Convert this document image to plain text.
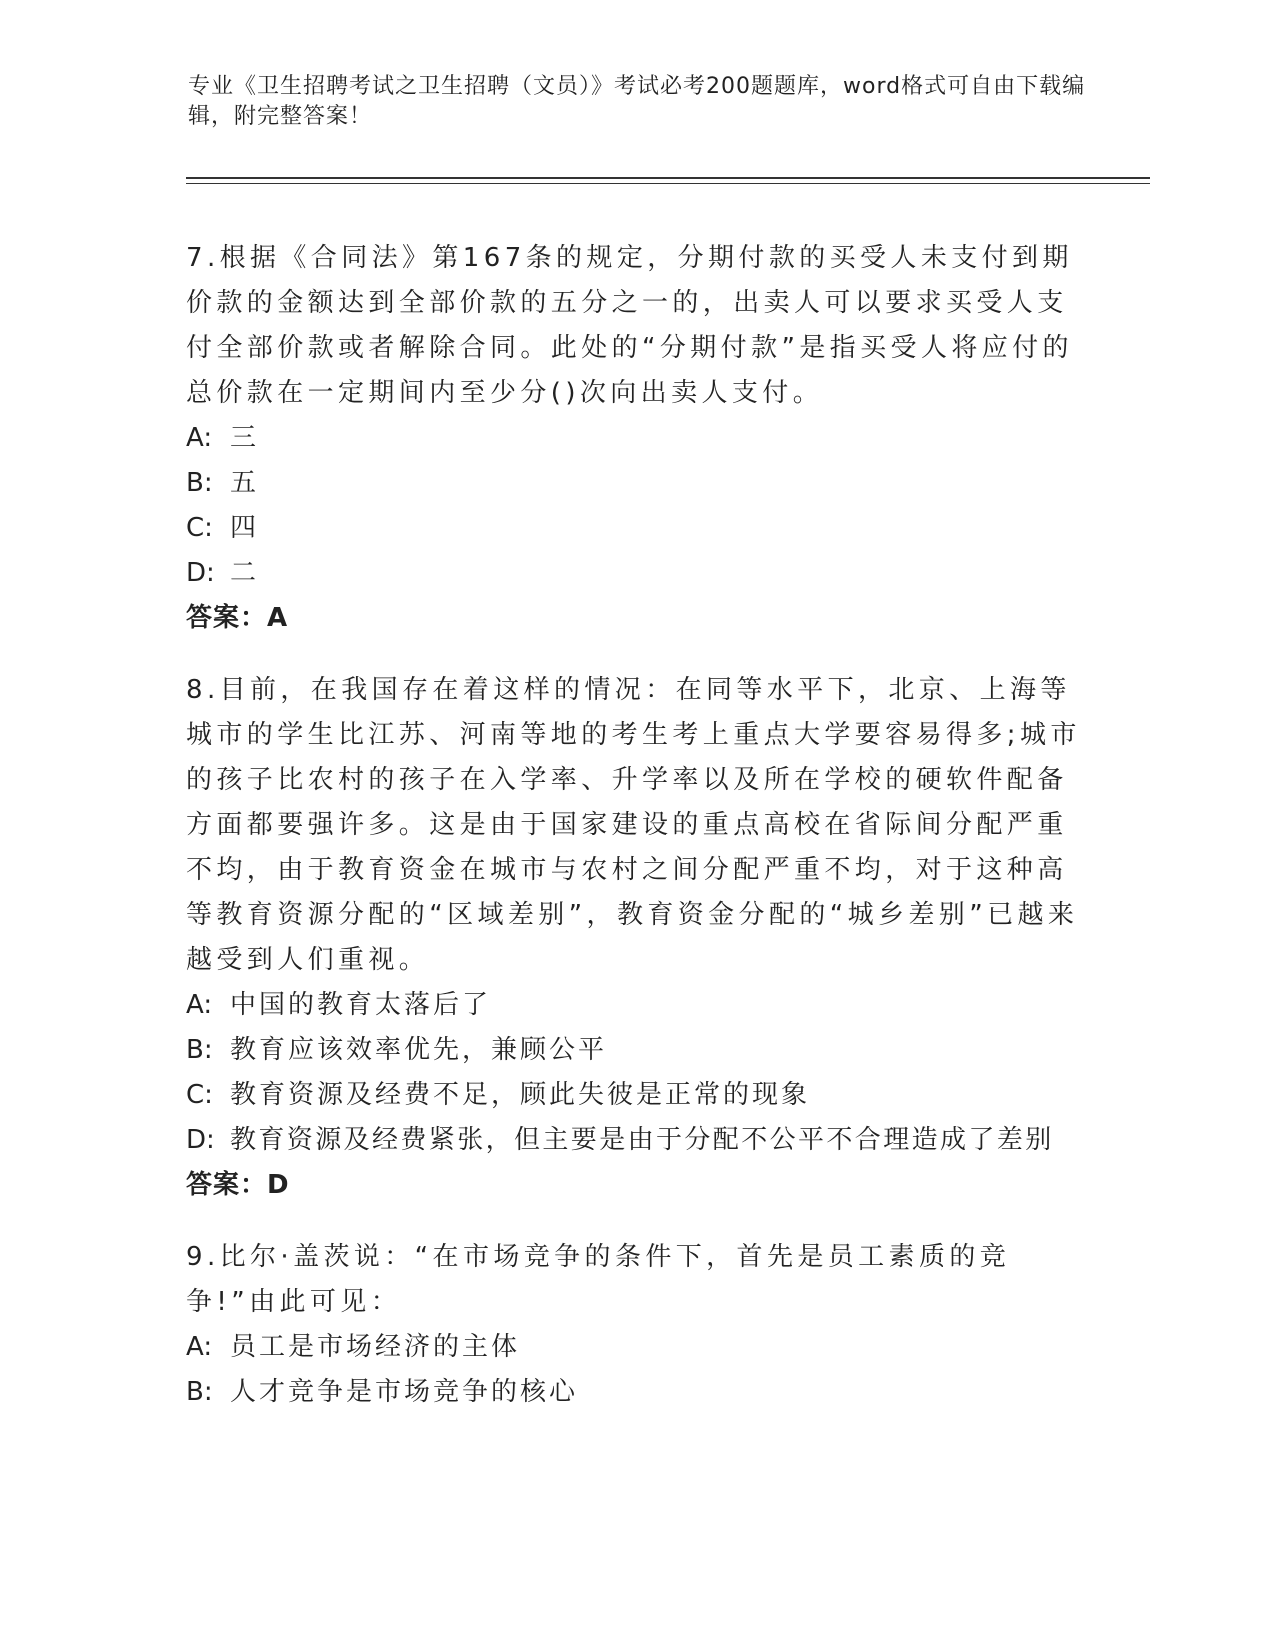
专业《卫生招聘考试之卫生招聘（文员）》考试必考200题题库，word格式可自由下载编辑，附完整答案！

7.根据《合同法》第167条的规定，分期付款的买受人未支付到期价款的金额达到全部价款的五分之一的，出卖人可以要求买受人支付全部价款或者解除合同。此处的“分期付款”是指买受人将应付的总价款在一定期间内至少分()次向出卖人支付。

A: 三

B: 五

C: 四

D: 二

答案：A

8.目前，在我国存在着这样的情况：在同等水平下，北京、上海等城市的学生比江苏、河南等地的考生考上重点大学要容易得多;城市的孩子比农村的孩子在入学率、升学率以及所在学校的硬软件配备方面都要强许多。这是由于国家建设的重点高校在省际间分配严重不均，由于教育资金在城市与农村之间分配严重不均，对于这种高等教育资源分配的“区域差别”，教育资金分配的“城乡差别”已越来越受到人们重视。

A: 中国的教育太落后了

B: 教育应该效率优先，兼顾公平

C: 教育资源及经费不足，顾此失彼是正常的现象

D: 教育资源及经费紧张，但主要是由于分配不公平不合理造成了差别

答案：D

9.比尔·盖茨说：“在市场竞争的条件下，首先是员工素质的竞争!”由此可见：

A: 员工是市场经济的主体

B: 人才竞争是市场竞争的核心
